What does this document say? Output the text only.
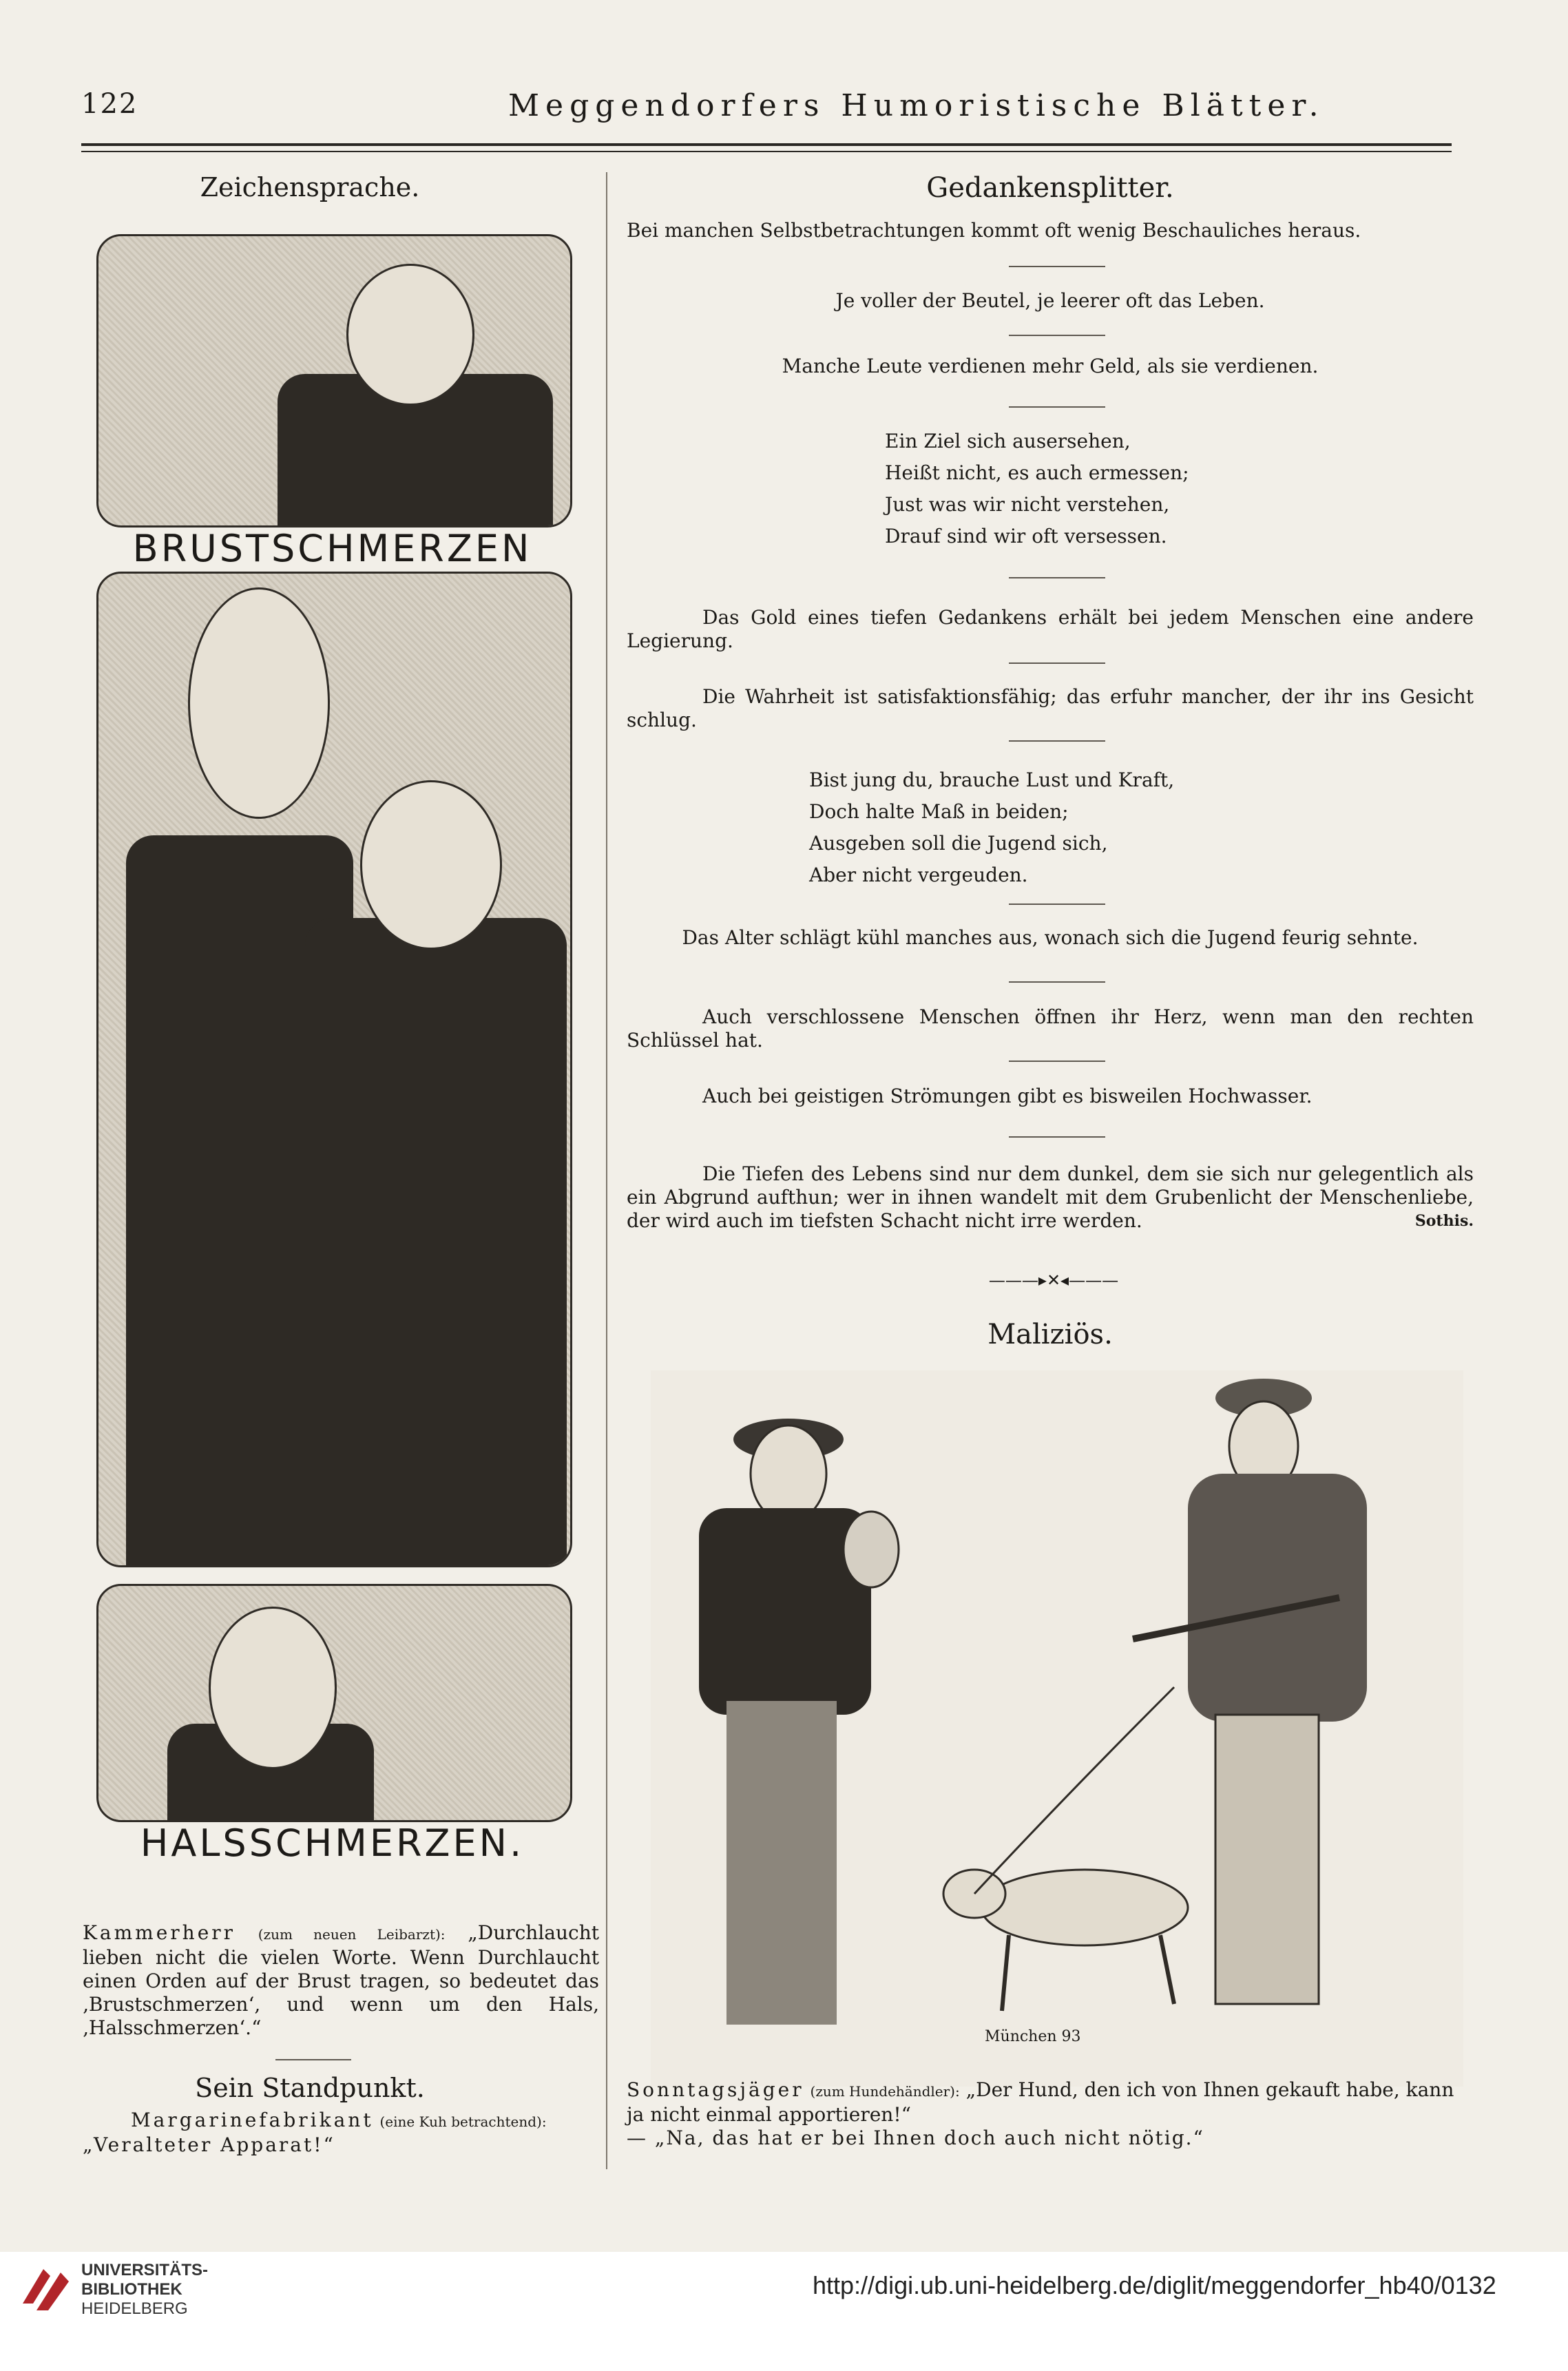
122	Meggendorfers Humoristische Blätter.
Zeichensprache.
BRUSTSCHMERZEN
HALSSCHMERZEN.
Kammerherr (zum neuen Leibarzt): „Durchlaucht lieben nicht die vielen Worte. Wenn Durchlaucht einen Orden auf der Brust tragen, so bedeutet das ‚Brustschmerzen‘, und wenn um den Hals, ‚Halsschmerzen‘.“
Sein Standpunkt.
Margarinefabrikant (eine Kuh betrachtend):
„Veralteter Apparat!“
Gedankensplitter.
Bei manchen Selbstbetrachtungen kommt oft wenig Beschauliches heraus.
Je voller der Beutel, je leerer oft das Leben.
Manche Leute verdienen mehr Geld, als sie verdienen.
Ein Ziel sich ausersehen,
Heißt nicht, es auch ermessen;
Just was wir nicht verstehen,
Drauf sind wir oft versessen.
Das Gold eines tiefen Gedankens erhält bei jedem Menschen eine andere Legierung.
Die Wahrheit ist satisfaktionsfähig; das erfuhr mancher, der ihr ins Gesicht schlug.
Bist jung du, brauche Lust und Kraft,
Doch halte Maß in beiden;
Ausgeben soll die Jugend sich,
Aber nicht vergeuden.
Das Alter schlägt kühl manches aus, wonach sich die Jugend feurig sehnte.
Auch verschlossene Menschen öffnen ihr Herz, wenn man den rechten Schlüssel hat.
Auch bei geistigen Strömungen gibt es bisweilen Hochwasser.
Die Tiefen des Lebens sind nur dem dunkel, dem sie sich nur gelegentlich als ein Abgrund aufthun; wer in ihnen wandelt mit dem Grubenlicht der Menschenliebe, der wird auch im tiefsten Schacht nicht irre werden.	Sothis.
———▸✕◂———
Maliziös.
München 93
Sonntagsjäger (zum Hundehändler): „Der Hund, den ich von Ihnen gekauft habe, kann ja nicht einmal apportieren!“
— „Na, das hat er bei Ihnen doch auch nicht nötig.“
UNIVERSITÄTS-
BIBLIOTHEK
HEIDELBERG
http://digi.ub.uni-heidelberg.de/diglit/meggendorfer_hb40/0132
